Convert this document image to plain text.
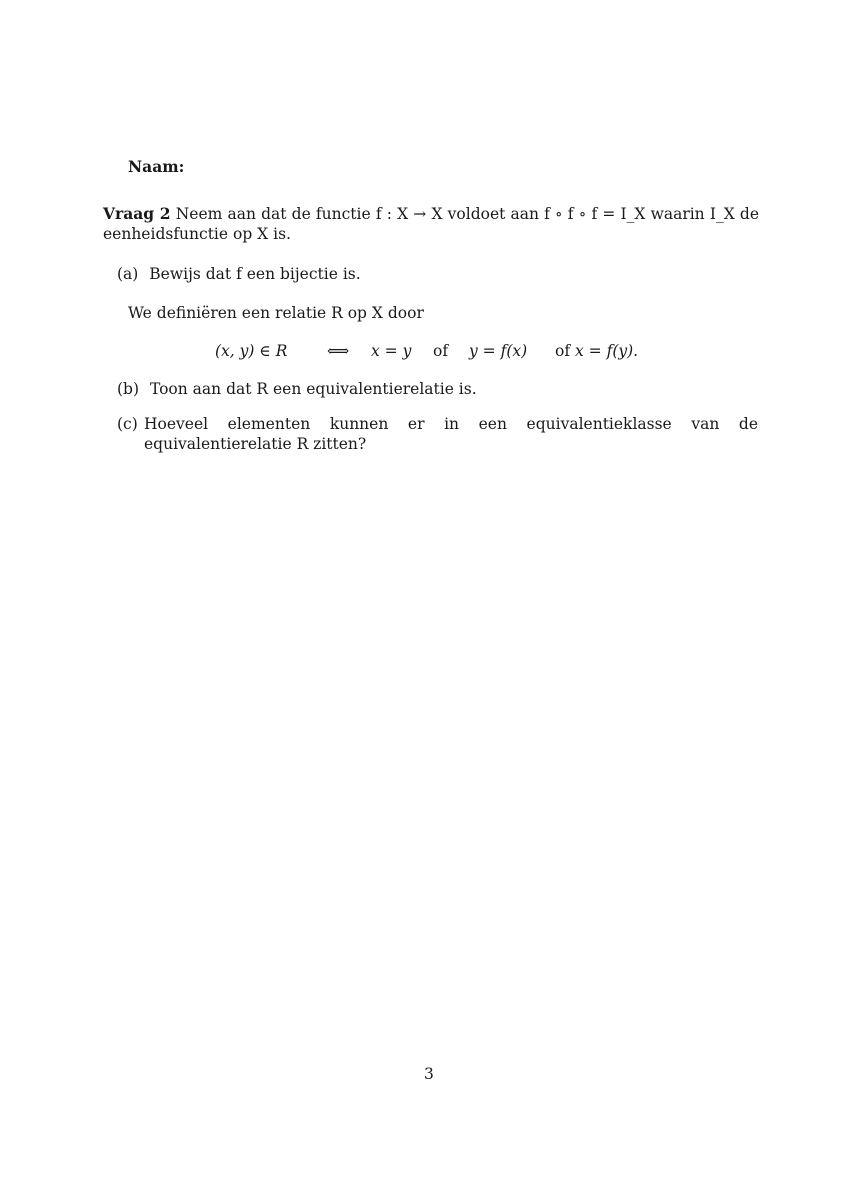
Naam:
Vraag 2 Neem aan dat de functie f : X → X voldoet aan f ∘ f ∘ f = I_X waarin I_X de eenheidsfunctie op X is.
(a) Bewijs dat f een bijectie is.
We definiëren een relatie R op X door
(x, y) ∈ R	⟺ x = y of y = f(x) of x = f(y).
(b) Toon aan dat R een equivalentierelatie is.
(c) Hoeveel elementen kunnen er in een equivalentieklasse van de equivalentierelatie R zitten?
3
